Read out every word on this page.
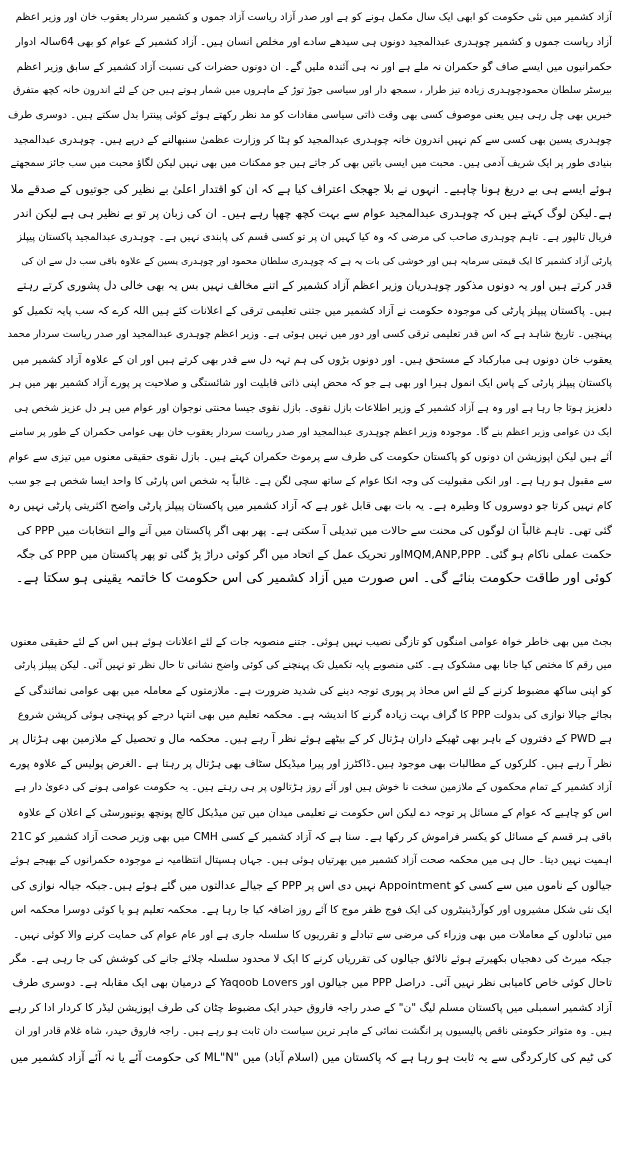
آزاد کشمیر میں نئی حکومت کو ابھی ایک سال مکمل ہونے کو ہے اور صدر آزاد ریاست آزاد جموں و کشمیر سردار یعقوب خان اور وزیر اعظم
آزاد ریاست جموں و کشمیر چوہدری عبدالمجید دونوں ہی سیدھے سادے اور مخلص انسان ہیں۔ آزاد کشمیر کے عوام کو بھی 64سالہ ادوار
حکمرانیوں میں ایسے صاف گو حکمران نہ ملے ہے اور نہ ہی آئندہ ملیں گے۔ ان دونوں حضرات کی نسبت آزاد کشمیر کے سابق وزیر اعظم
بیرسٹر سلطان محمودچوہدری زیادہ تیز طرار ، سمجھ دار اور سیاسی جوڑ توڑ کے ماہروں میں شمار ہوتے ہیں جن کے لئے اندرون خانہ کچھ متفرق
خبریں بھی چل رہی ہیں یعنی موصوف کسی بھی وقت ذاتی سیاسی مفادات کو مد نظر رکھتے ہوئے کوئی پینترا بدل سکتے ہیں۔ دوسری طرف
چوہدری یسین بھی کسی سے کم نہیں اندرون خانہ چوہدری عبدالمجید کو ہٹا کر وزارت عظمیٰ سنبھالنے کے درپے ہیں۔ چوہدری عبدالمجید
بنیادی طور پر ایک شریف آدمی ہیں۔ محبت میں ایسی باتیں بھی کر جاتے ہیں جو ممکنات میں بھی نہیں لیکن لگاؤ محبت میں سب جائز سمجھتے
ہوئے ایسے ہی بے دریغ ہونا چاہیے۔ انہوں نے بلا جھجک اعتراف کیا ہے کہ ان کو اقتدار اعلیٰ بے نظیر کی جوتیوں کے صدقے ملا
ہے۔لیکن لوگ کہتے ہیں کہ چوہدری عبدالمجید عوام سے بہت کچھ چھپا رہے ہیں۔ ان کی زبان پر تو بے نظیر ہی ہے لیکن اندر
فریال تالپور ہے۔ تاہم چوہدری صاحب کی مرضی کہ وہ کیا کہیں ان پر تو کسی قسم کی پابندی نہیں ہے۔ چوہدری عبدالمجید پاکستان پیپلز
پارٹی آزاد کشمیر کا ایک قیمتی سرمایہ ہیں اور خوشی کی بات یہ ہے کہ چوہدری سلطان محمود اور چوہدری یسین کے علاوہ باقی سب دل سے ان کی
قدر کرتے ہیں اور یہ دونوں مذکور چوہدریان وزیر اعظم آزاد کشمیر کے اتنے مخالف نہیں بس یہ بھی خالی دل پشوری کرتے رہتے
ہیں۔ پاکستان پیپلز پارٹی کی موجودہ حکومت نے آزاد کشمیر میں جتنی تعلیمی ترقی کے اعلانات کئے ہیں اللہ کرے کہ سب پایہ تکمیل کو
پہنچیں۔ تاریخ شاہد ہے کہ اس قدر تعلیمی ترقی کسی اور دور میں نہیں ہوئی ہے۔ وزیر اعظم چوہدری عبدالمجید اور صدر ریاست سردار محمد
یعقوب خان دونوں ہی مبارکباد کے مستحق ہیں۔ اور دونوں بڑوں کی ہم تہہ دل سے قدر بھی کرتے ہیں اور ان کے علاوہ آزاد کشمیر میں
پاکستان پیپلز پارٹی کے پاس ایک انمول ہیرا اور بھی ہے جو کہ محض اپنی ذاتی قابلیت اور شائستگی و صلاحیت پر پورے آزاد کشمیر بھر میں ہر
دلعزیز ہوتا جا رہا ہے اور وہ ہے آزاد کشمیر کے وزیر اطلاعات بازل نقوی۔ بازل نقوی جیسا محنتی نوجوان اور عوام میں ہر دل عزیز شخص ہی
ایک دن عوامی وزیر اعظم بنے گا۔ موجودہ وزیر اعظم چوہدری عبدالمجید اور صدر ریاست سردار یعقوب خان بھی عوامی حکمران کے طور پر سامنے
آئے ہیں لیکن اپوزیشن ان دونوں کو پاکستان حکومت کی طرف سے پرموٹ حکمران کہتے ہیں۔ بازل نقوی حقیقی معنوں میں تیزی سے عوام
سے مقبول ہو رہا ہے۔ اور انکی مقبولیت کی وجہ انکا عوام کے ساتھ سچی لگن ہے۔ غالباً یہ شخص اس پارٹی کا واحد ایسا شخص ہے جو سب
کام نہیں کرتا جو دوسروں کا وطیرہ ہے۔ یہ بات بھی قابل غور ہے کہ آزاد کشمیر میں پاکستان پیپلز پارٹی واضح اکثریتی پارٹی نہیں رہ
گئی تھی۔ تاہم غالباً ان لوگوں کی محنت سے حالات میں تبدیلی آ سکتی ہے۔ پھر بھی اگر پاکستان میں آنے والے انتخابات میں PPP کی
حکمت عملی ناکام ہو گئی۔ MQM,ANP,PPPاور تحریک عمل کے اتحاد میں اگر کوئی دراڑ پڑ گئی تو پھر پاکستان میں PPP کی جگہ
کوئی اور طاقت حکومت بنائے گی۔ اس صورت میں آزاد کشمیر کی اس حکومت کا خاتمہ یقینی ہو سکتا ہے۔
بجٹ میں بھی خاطر خواہ عوامی امنگوں کو تازگی نصیب نہیں ہوئی۔ جتنے منصوبہ جات کے لئے اعلانات ہوئے ہیں اس کے لئے حقیقی معنوں
میں رقم کا مختص کیا جانا بھی مشکوک ہے۔ کئی منصوبے پایہ تکمیل تک پہنچنے کی کوئی واضح نشانی تا حال نظر تو نہیں آئی۔ لیکن پیپلز پارٹی
کو اپنی ساکھ مضبوط کرنے کے لئے اس محاذ پر پوری توجہ دینے کی شدید ضرورت ہے۔ ملازمتوں کے معاملہ میں بھی عوامی نمائندگی کے
بجائے جیالا نوازی کی بدولت PPP کا گراف بہت زیادہ گرنے کا اندیشہ ہے۔ محکمہ تعلیم میں بھی انتہا درجے کو پہنچی ہوئی کرپشن شروع
ہے PWD کے دفتروں کے باہر بھی ٹھیکے داران ہڑتال کر کے بیٹھے ہوئے نظر آ رہے ہیں۔ محکمہ مال و تحصیل کے ملازمین بھی ہڑتال پر
نظر آ رہے ہیں۔ کلرکوں کے مطالبات بھی موجود ہیں۔ڈاکٹرز اور پیرا میڈیکل سٹاف بھی ہڑتال پر رہتا ہے ۔الغرض پولیس کے علاوہ پورے
آزاد کشمیر کے تمام محکموں کے ملازمین سخت نا خوش ہیں اور آئے روز ہڑتالوں پر ہی رہتے ہیں۔ یہ حکومت عوامی ہونے کی دعویٰ دار ہے
اس کو چاہیے کہ عوام کے مسائل پر توجہ دے لیکن اس حکومت نے تعلیمی میدان میں تین میڈیکل کالج پونچھ یونیورسٹی کے اعلان کے علاوہ
باقی ہر قسم کے مسائل کو یکسر فراموش کر رکھا ہے۔ سنا ہے کہ آزاد کشمیر کے کسی CMH میں بھی وزیر صحت آزاد کشمیر کو 21C
اہمیت نہیں دیتا۔ حال ہی میں محکمہ صحت آزاد کشمیر میں بھرتیاں ہوئی ہیں۔ جہاں ہسپتال انتظامیہ نے موجودہ حکمرانوں کے بھیجے ہوئے
جیالوں کے ناموں میں سے کسی کو Appointment نہیں دی اس پر PPP کے جیالے عدالتوں میں گئے ہوئے ہیں۔جبکہ جیالہ نوازی کی
ایک نئی شکل مشیروں اور کوآرڈینیٹروں کی ایک فوج ظفر موج کا آئے روز اضافہ کیا جا رہا ہے۔ محکمہ تعلیم ہو یا کوئی دوسرا محکمہ اس
میں تبادلوں کے معاملات میں بھی وزراء کی مرضی سے تبادلے و تقرریوں کا سلسلہ جاری ہے اور عام عوام کی حمایت کرنے والا کوئی نہیں۔
جبکہ میرٹ کی دھجیاں بکھیرتے ہوئے نالائق جیالوں کی تقرریاں کرنے کا ایک لا محدود سلسلہ چلائے جانے کی کوشش کی جا رہی ہے۔ مگر
تاحال کوئی خاص کامیابی نظر نہیں آئی۔ دراصل PPP میں جیالوں اور Yaqoob Lovers کے درمیان بھی ایک مقابلہ ہے۔ دوسری طرف
آزاد کشمیر اسمبلی میں پاکستان مسلم لیگ "ن" کے صدر راجہ فاروق حیدر ایک مضبوط چٹان کی طرف اپوزیشن لیڈر کا کردار ادا کر رہے
ہیں۔ وہ متواتر حکومتی ناقص پالیسیوں پر انگشت نمائی کے ماہر ترین سیاست دان ثابت ہو رہے ہیں۔ راجہ فاروق حیدر، شاہ غلام قادر اور ان
کی ٹیم کی کارکردگی سے یہ ثابت ہو رہا ہے کہ پاکستان میں (اسلام آباد) میں "ML"N کی حکومت آئے یا نہ آئے آزاد کشمیر میں
